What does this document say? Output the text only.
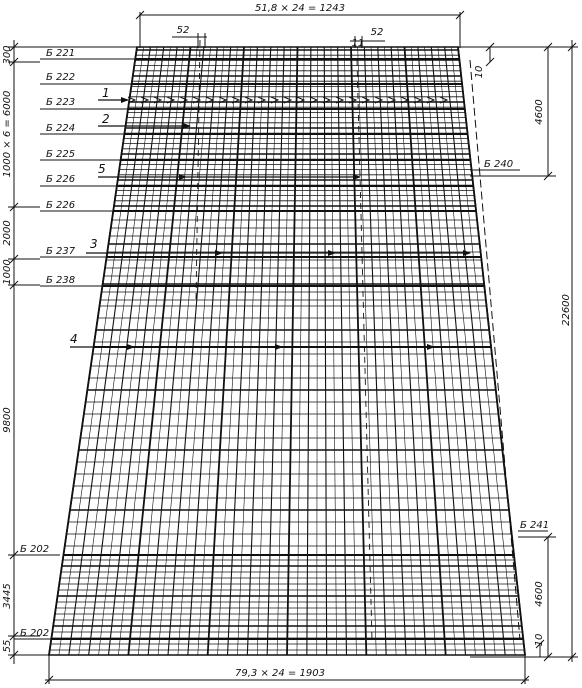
51,8 × 24 = 1243
52	52
11
79,3 × 24 = 1903
300
1000 × 6 = 6000
2000
1000
9800
3445
55
10
4600
22600
4600
10
Б 221
Б 222
Б 223
Б 224
Б 225
Б 226
Б 226
Б 237
Б 238
Б 202
Б 202
Б 240
Б 241
1
2
3
4
5
